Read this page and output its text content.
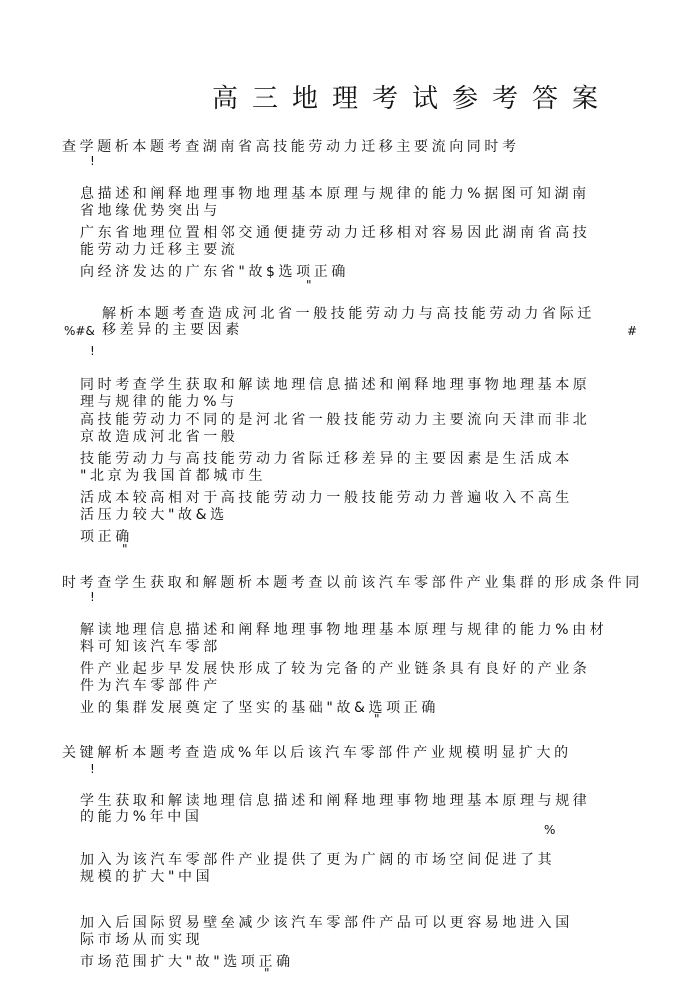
高三地理考试参考答案
查学题析本题考查湖南省高技能劳动力迁移主要流向同时考
!
息描述和阐释地理事物地理基本原理与规律的能力%据图可知湖南
省地缘优势突出与
广东省地理位置相邻交通便捷劳动力迁移相对容易因此湖南省高技
能劳动力迁移主要流
向经济发达的广东省"故$选项正确
"
解析本题考查造成河北省一般技能劳动力与高技能劳动力省际迁
%#& 移差异的主要因素	#
!
同时考查学生获取和解读地理信息描述和阐释地理事物地理基本原
理与规律的能力%与
高技能劳动力不同的是河北省一般技能劳动力主要流向天津而非北
京故造成河北省一般
技能劳动力与高技能劳动力省际迁移差异的主要因素是生活成本
"北京为我国首都城市生
活成本较高相对于高技能劳动力一般技能劳动力普遍收入不高生
活压力较大"故&选
项正确
"
时考查学生获取和解题析本题考查以前该汽车零部件产业集群的形成条件同
!
解读地理信息描述和阐释地理事物地理基本原理与规律的能力%由材
料可知该汽车零部
件产业起步早发展快形成了较为完备的产业链条具有良好的产业条
件为汽车零部件产
业的集群发展奠定了坚实的基础"故&选项正确
"
关键解析本题考查造成%年以后该汽车零部件产业规模明显扩大的
!
学生获取和解读地理信息描述和阐释地理事物地理基本原理与规律
的能力%年中国
%
加入为该汽车零部件产业提供了更为广阔的市场空间促进了其
规模的扩大"中国
加入后国际贸易壁垒减少该汽车零部件产品可以更容易地进入国
际市场从而实现
市场范围扩大"故"选项正确
"
